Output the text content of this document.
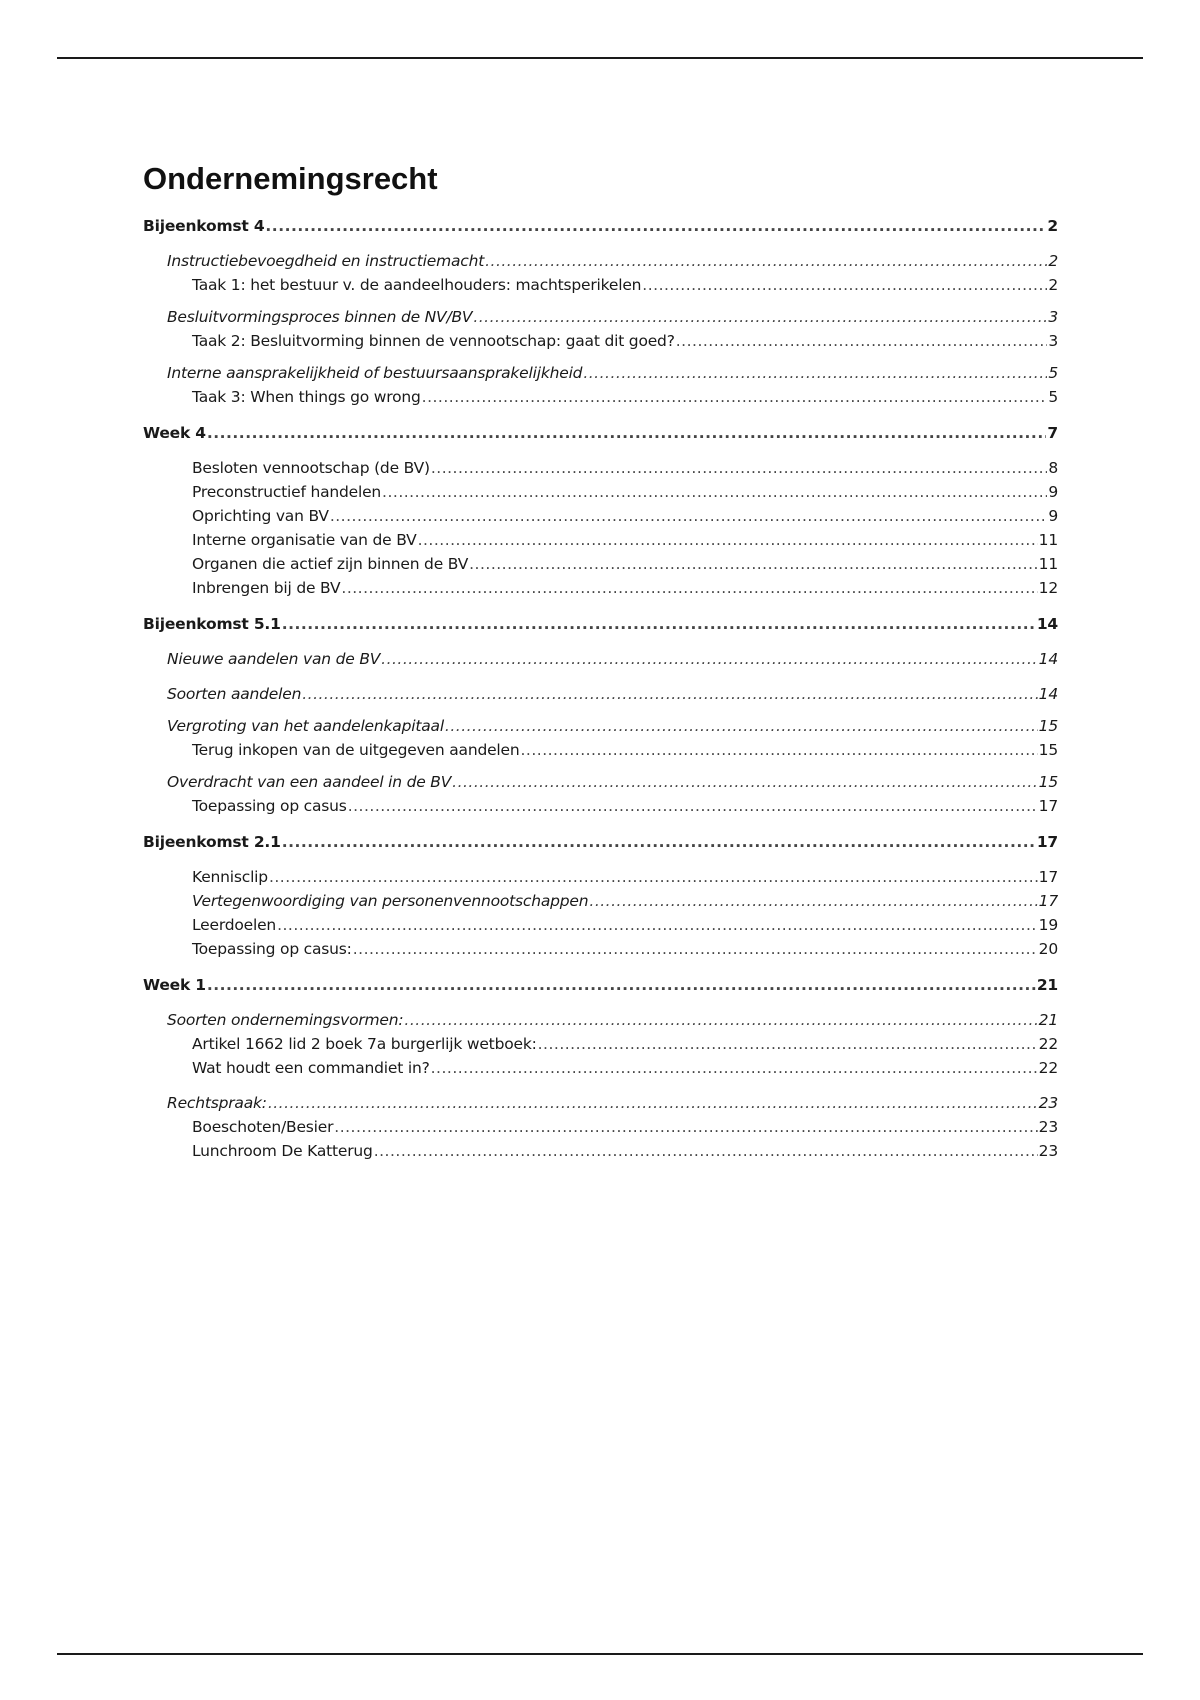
Ondernemingsrecht
Bijeenkomst 4 .....	2
Instructiebevoegdheid en instructiemacht .....	2
Taak 1: het bestuur v. de aandeelhouders: machtsperikelen .....	2
Besluitvormingsproces binnen de NV/BV .....	3
Taak 2: Besluitvorming binnen de vennootschap: gaat dit goed? .....	3
Interne aansprakelijkheid of bestuursaansprakelijkheid .....	5
Taak 3: When things go wrong .....	5
Week 4 .....	7
Besloten vennootschap (de BV) .....	8
Preconstructief handelen .....	9
Oprichting van BV .....	9
Interne organisatie van de BV .....	11
Organen die actief zijn binnen de BV .....	11
Inbrengen bij de BV .....	12
Bijeenkomst 5.1 .....	14
Nieuwe aandelen van de BV .....	14
Soorten aandelen .....	14
Vergroting van het aandelenkapitaal .....	15
Terug inkopen van de uitgegeven aandelen .....	15
Overdracht van een aandeel in de BV .....	15
Toepassing op casus .....	17
Bijeenkomst 2.1 .....	17
Kennisclip .....	17
Vertegenwoordiging van personenvennootschappen .....	17
Leerdoelen .....	19
Toepassing op casus: .....	20
Week 1 .....	21
Soorten ondernemingsvormen: .....	21
Artikel 1662 lid 2 boek 7a burgerlijk wetboek: .....	22
Wat houdt een commandiet in? .....	22
Rechtspraak: .....	23
Boeschoten/Besier .....	23
Lunchroom De Katterug .....	23
